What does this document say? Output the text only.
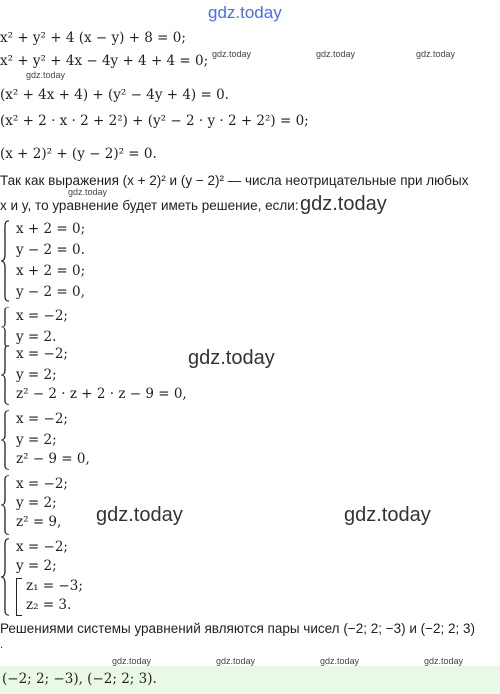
gdz.today
gdz.today	gdz.today	gdz.today
gdz.today
gdz.today
gdz.today
gdz.today
gdz.today	gdz.today
gdz.today	gdz.today	gdz.today	gdz.today
x² + y² + 4 (x − y) + 8 = 0;
x² + y² + 4x − 4y + 4 + 4 = 0;
(x² + 4x + 4) + (y² − 4y + 4) = 0.
(x² + 2 · x · 2 + 2²) + (y² − 2 · y · 2 + 2²) = 0;
(x + 2)² + (y − 2)² = 0.
Так как выражения (x + 2)² и (y − 2)² — числа неотрицательные при любых
x и y, то уравнение будет иметь решение, если:
x + 2 = 0;
y − 2 = 0.
x + 2 = 0;
y − 2 = 0,
x = −2;
y = 2.
x = −2;
y = 2;
z² − 2 · z + 2 · z − 9 = 0,
x = −2;
y = 2;
z² − 9 = 0,
x = −2;
y = 2;
z² = 9,
x = −2;
y = 2;
z₁ = −3;
z₂ = 3.
Решениями системы уравнений являются пары чисел (−2; 2; −3) и (−2; 2; 3)
.
(−2; 2; −3), (−2; 2; 3).
